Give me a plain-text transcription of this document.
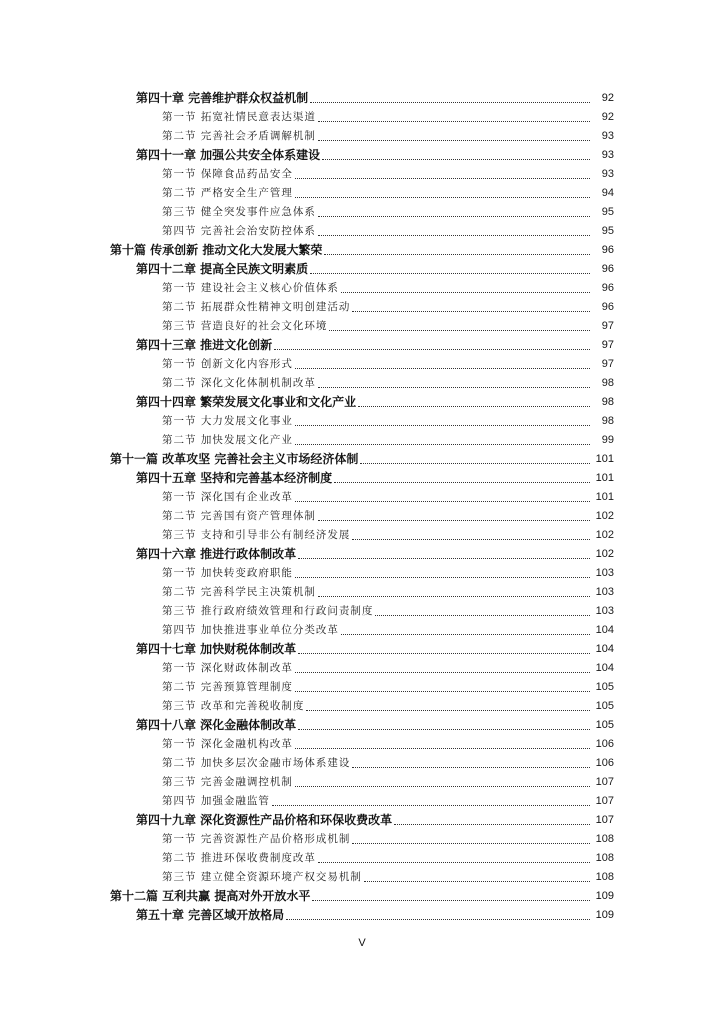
第四十章 完善维护群众权益机制	92
第一节 拓宽社情民意表达渠道	92
第二节 完善社会矛盾调解机制	93
第四十一章 加强公共安全体系建设	93
第一节 保障食品药品安全	93
第二节 严格安全生产管理	94
第三节 健全突发事件应急体系	95
第四节 完善社会治安防控体系	95
第十篇 传承创新 推动文化大发展大繁荣	96
第四十二章 提高全民族文明素质	96
第一节 建设社会主义核心价值体系	96
第二节 拓展群众性精神文明创建活动	96
第三节 营造良好的社会文化环境	97
第四十三章 推进文化创新	97
第一节 创新文化内容形式	97
第二节 深化文化体制机制改革	98
第四十四章 繁荣发展文化事业和文化产业	98
第一节 大力发展文化事业	98
第二节 加快发展文化产业	99
第十一篇 改革攻坚 完善社会主义市场经济体制	101
第四十五章 坚持和完善基本经济制度	101
第一节 深化国有企业改革	101
第二节 完善国有资产管理体制	102
第三节 支持和引导非公有制经济发展	102
第四十六章 推进行政体制改革	102
第一节 加快转变政府职能	103
第二节 完善科学民主决策机制	103
第三节 推行政府绩效管理和行政问责制度	103
第四节 加快推进事业单位分类改革	104
第四十七章 加快财税体制改革	104
第一节 深化财政体制改革	104
第二节 完善预算管理制度	105
第三节 改革和完善税收制度	105
第四十八章 深化金融体制改革	105
第一节 深化金融机构改革	106
第二节 加快多层次金融市场体系建设	106
第三节 完善金融调控机制	107
第四节 加强金融监管	107
第四十九章 深化资源性产品价格和环保收费改革	107
第一节 完善资源性产品价格形成机制	108
第二节 推进环保收费制度改革	108
第三节 建立健全资源环境产权交易机制	108
第十二篇 互利共赢 提高对外开放水平	109
第五十章 完善区域开放格局	109
V
